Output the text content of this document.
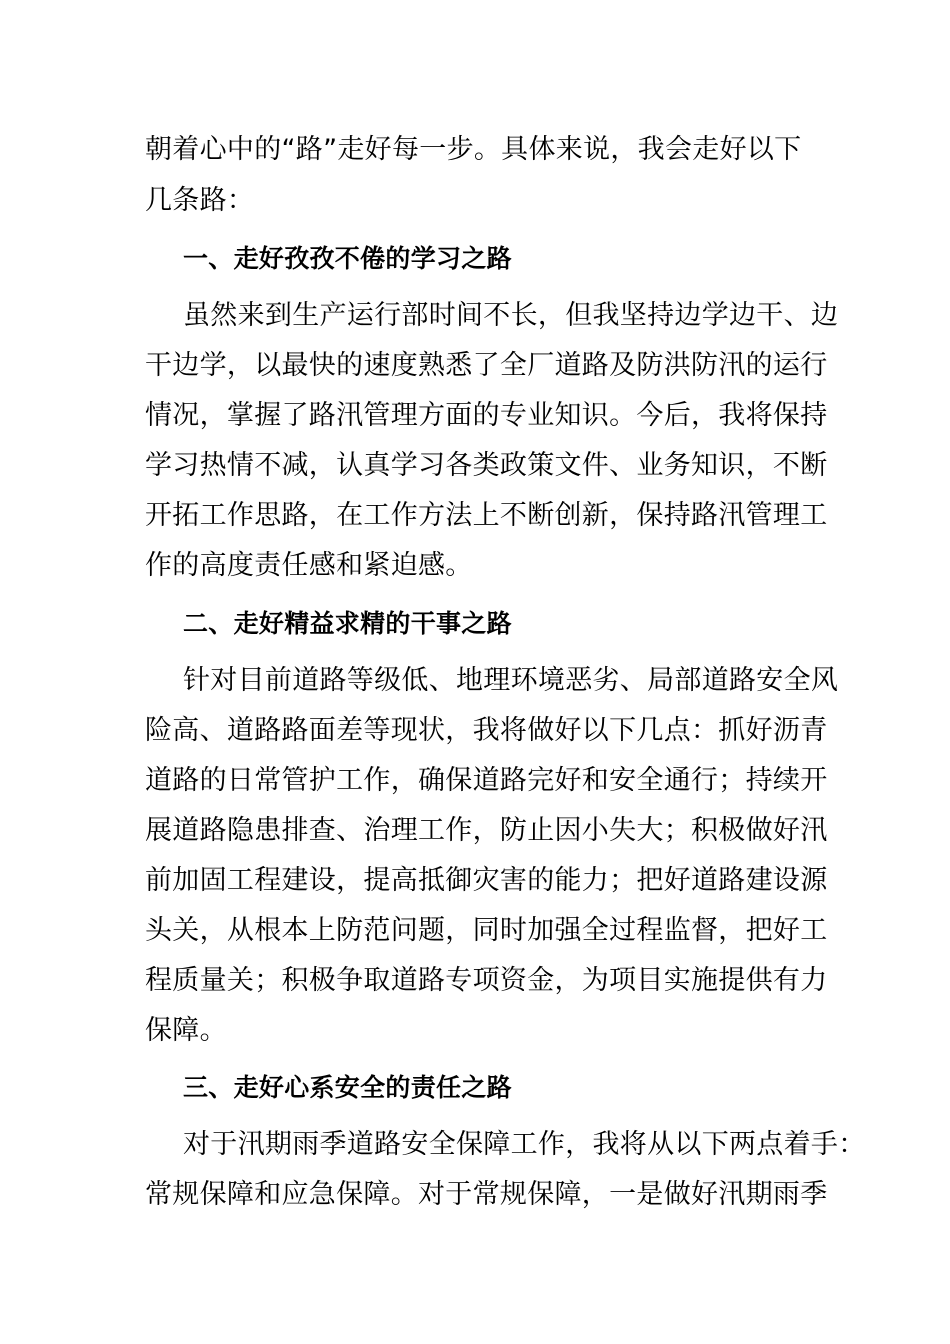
朝着心中的“路”走好每一步。具体来说，我会走好以下
几条路：
一、走好孜孜不倦的学习之路
虽然来到生产运行部时间不长，但我坚持边学边干、边
干边学，以最快的速度熟悉了全厂道路及防洪防汛的运行
情况，掌握了路汛管理方面的专业知识。今后，我将保持
学习热情不减，认真学习各类政策文件、业务知识，不断
开拓工作思路，在工作方法上不断创新，保持路汛管理工
作的高度责任感和紧迫感。
二、走好精益求精的干事之路
针对目前道路等级低、地理环境恶劣、局部道路安全风
险高、道路路面差等现状，我将做好以下几点：抓好沥青
道路的日常管护工作，确保道路完好和安全通行；持续开
展道路隐患排查、治理工作，防止因小失大；积极做好汛
前加固工程建设，提高抵御灾害的能力；把好道路建设源
头关，从根本上防范问题，同时加强全过程监督，把好工
程质量关；积极争取道路专项资金，为项目实施提供有力
保障。
三、走好心系安全的责任之路
对于汛期雨季道路安全保障工作，我将从以下两点着手：
常规保障和应急保障。对于常规保障，一是做好汛期雨季
